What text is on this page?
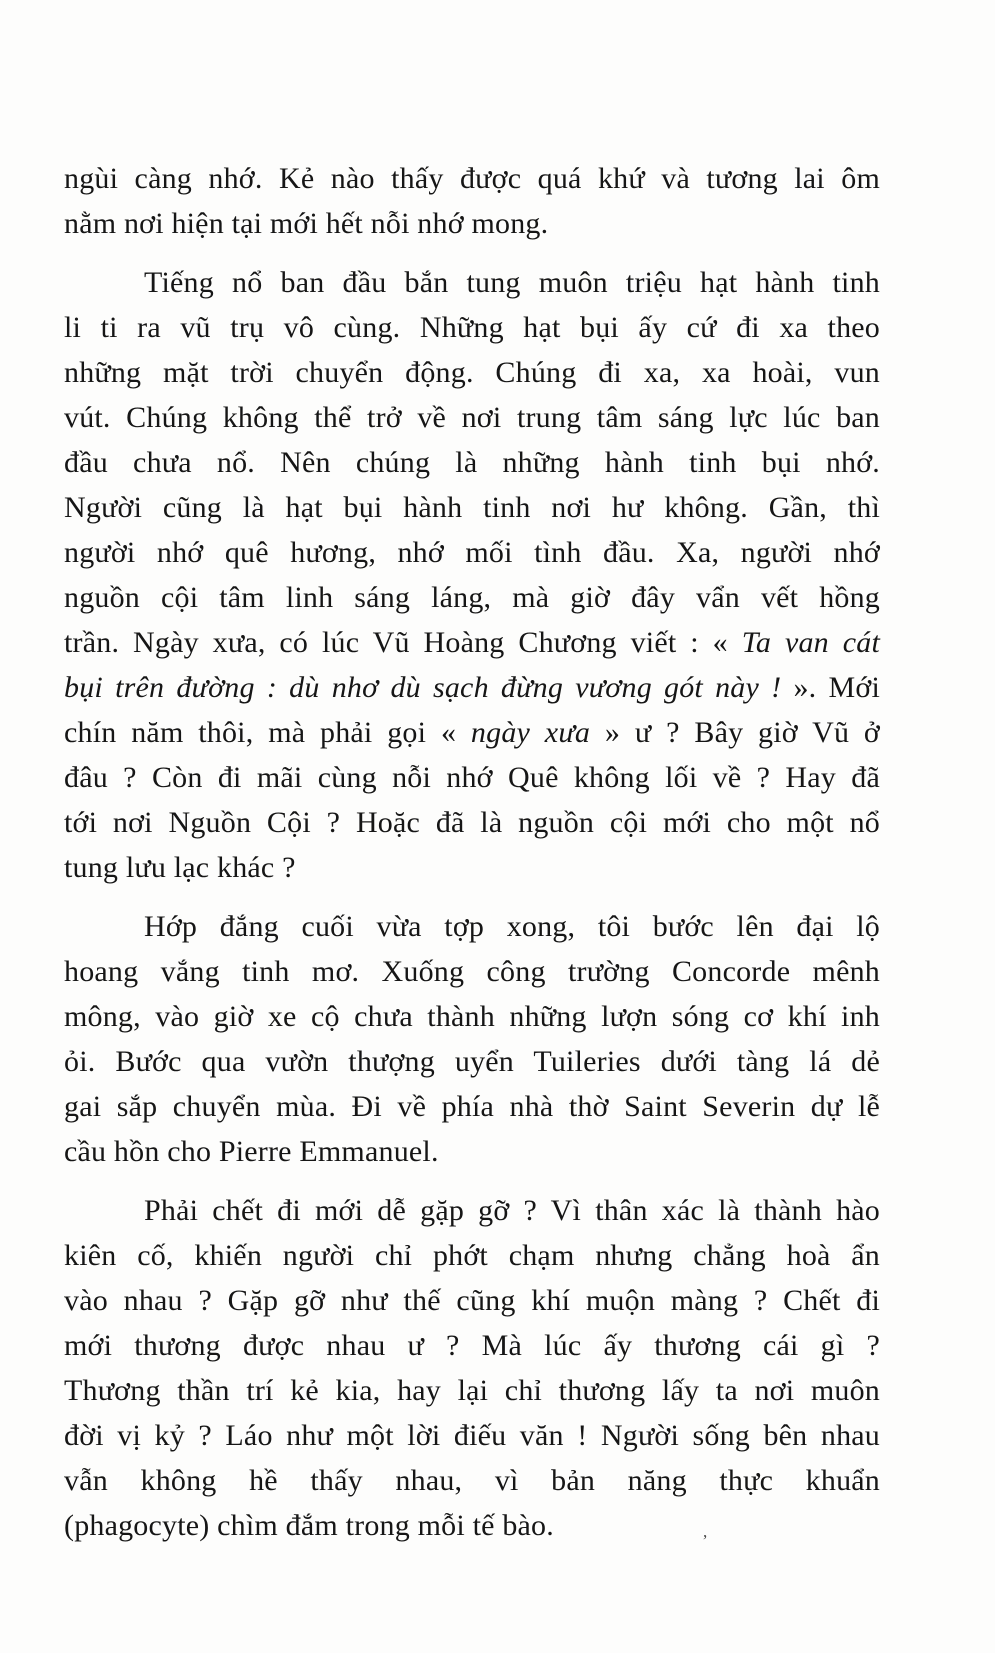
ngùi càng nhớ. Kẻ nào thấy được quá khứ và tương lai ôm
nằm nơi hiện tại mới hết nỗi nhớ mong.
Tiếng nổ ban đầu bắn tung muôn triệu hạt hành tinh
li ti ra vũ trụ vô cùng. Những hạt bụi ấy cứ đi xa theo
những mặt trời chuyển động. Chúng đi xa, xa hoài, vun
vút. Chúng không thể trở về nơi trung tâm sáng lực lúc ban
đầu chưa nổ. Nên chúng là những hành tinh bụi nhớ.
Người cũng là hạt bụi hành tinh nơi hư không. Gần, thì
người nhớ quê hương, nhớ mối tình đầu. Xa, người nhớ
nguồn cội tâm linh sáng láng, mà giờ đây vẩn vết hồng
trần. Ngày xưa, có lúc Vũ Hoàng Chương viết : « Ta van cát
bụi trên đường : dù nhơ dù sạch đừng vương gót này ! ». Mới
chín năm thôi, mà phải gọi « ngày xưa » ư ? Bây giờ Vũ ở
đâu ? Còn đi mãi cùng nỗi nhớ Quê không lối về ? Hay đã
tới nơi Nguồn Cội ? Hoặc đã là nguồn cội mới cho một nổ
tung lưu lạc khác ?
Hớp đắng cuối vừa tợp xong, tôi bước lên đại lộ
hoang vắng tinh mơ. Xuống công trường Concorde mênh
mông, vào giờ xe cộ chưa thành những lượn sóng cơ khí inh
ỏi. Bước qua vườn thượng uyển Tuileries dưới tàng lá dẻ
gai sắp chuyển mùa. Đi về phía nhà thờ Saint Severin dự lễ
cầu hồn cho Pierre Emmanuel.
Phải chết đi mới dễ gặp gỡ ? Vì thân xác là thành hào
kiên cố, khiến người chỉ phớt chạm nhưng chẳng hoà ẩn
vào nhau ? Gặp gỡ như thế cũng khí muộn màng ? Chết đi
mới thương được nhau ư ? Mà lúc ấy thương cái gì ?
Thương thần trí kẻ kia, hay lại chỉ thương lấy ta nơi muôn
đời vị kỷ ? Láo như một lời điếu văn ! Người sống bên nhau
vẫn không hề thấy nhau, vì bản năng thực khuẩn
(phagocyte) chìm đắm trong mỗi tế bào.	,
